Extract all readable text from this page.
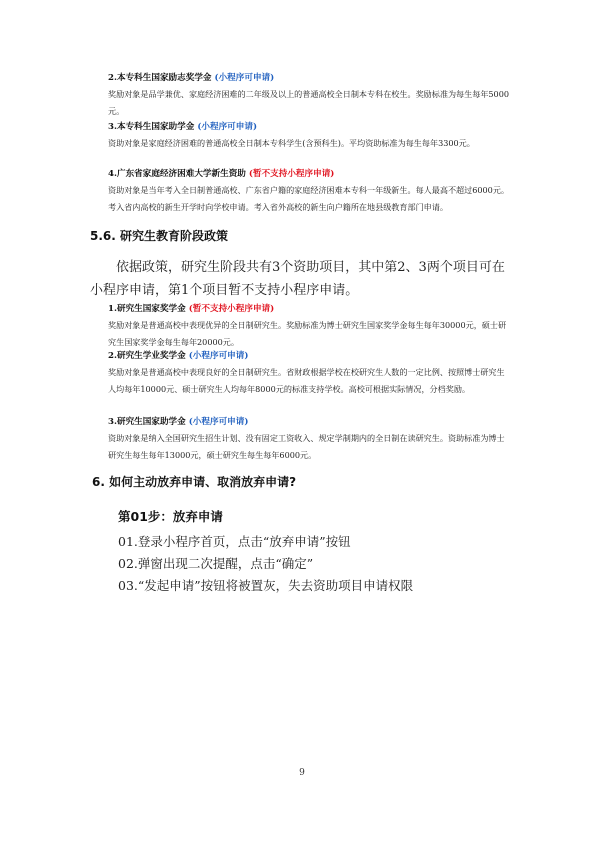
2.本专科生国家励志奖学金 (小程序可申请)

奖励对象是品学兼优、家庭经济困难的二年级及以上的普通高校全日制本专科在校生。奖励标准为每生每年5000元。

3.本专科生国家助学金 (小程序可申请)

资助对象是家庭经济困难的普通高校全日制本专科学生(含预科生)。平均资助标准为每生每年3300元。

4.广东省家庭经济困难大学新生资助 (暂不支持小程序申请)

资助对象是当年考入全日制普通高校、广东省户籍的家庭经济困难本专科一年级新生。每人最高不超过6000元。考入省内高校的新生开学时向学校申请。考入省外高校的新生向户籍所在地县级教育部门申请。

5.6. 研究生教育阶段政策

依据政策，研究生阶段共有3个资助项目，其中第2、3两个项目可在小程序申请，第1个项目暂不支持小程序申请。

1.研究生国家奖学金 (暂不支持小程序申请)

奖励对象是普通高校中表现优异的全日制研究生。奖励标准为博士研究生国家奖学金每生每年30000元，硕士研究生国家奖学金每生每年20000元。

2.研究生学业奖学金 (小程序可申请)

奖励对象是普通高校中表现良好的全日制研究生。省财政根据学校在校研究生人数的一定比例、按照博士研究生人均每年10000元、硕士研究生人均每年8000元的标准支持学校。高校可根据实际情况，分档奖励。

3.研究生国家助学金 (小程序可申请)

资助对象是纳入全国研究生招生计划、没有固定工资收入、规定学制期内的全日制在读研究生。资助标准为博士研究生每生每年13000元，硕士研究生每生每年6000元。

6. 如何主动放弃申请、取消放弃申请?
第01步：放弃申请
01.登录小程序首页，点击“放弃申请”按钮
02.弹窗出现二次提醒，点击“确定”
03.“发起申请”按钮将被置灰，失去资助项目申请权限
9
